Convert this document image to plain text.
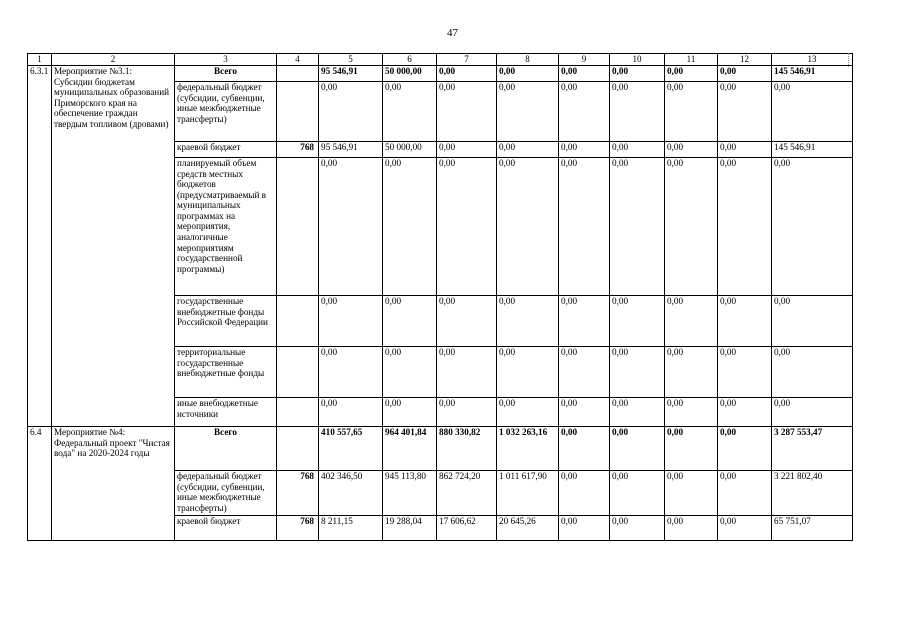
47
1	2	3	4	5	6	7	8	9	10	11	12	13
6.3.1	Мероприятие №3.1: Субсидии бюджетам муниципальных образований Приморского края на обеспечение граждан твердым топливом (дровами)	Всего		95 546,91	50 000,00	0,00	0,00	0,00	0,00	0,00	0,00	145 546,91
		федеральный бюджет (субсидии, субвенции, иные межбюджетные трансферты)		0,00	0,00	0,00	0,00	0,00	0,00	0,00	0,00	0,00
		краевой бюджет	768	95 546,91	50 000,00	0,00	0,00	0,00	0,00	0,00	0,00	145 546,91
		планируемый объем средств местных бюджетов (предусматриваемый в муниципальных программах на мероприятия, аналогичные мероприятиям государственной программы)		0,00	0,00	0,00	0,00	0,00	0,00	0,00	0,00	0,00
		государственные внебюджетные фонды Российской Федерации		0,00	0,00	0,00	0,00	0,00	0,00	0,00	0,00	0,00
		территориальные государственные внебюджетные фонды		0,00	0,00	0,00	0,00	0,00	0,00	0,00	0,00	0,00
		иные внебюджетные источники		0,00	0,00	0,00	0,00	0,00	0,00	0,00	0,00	0,00
6.4	Мероприятие №4: Федеральный проект "Чистая вода" на 2020-2024 годы	Всего		410 557,65	964 401,84	880 330,82	1 032 263,16	0,00	0,00	0,00	0,00	3 287 553,47
		федеральный бюджет (субсидии, субвенции, иные межбюджетные трансферты)	768	402 346,50	945 113,80	862 724,20	1 011 617,90	0,00	0,00	0,00	0,00	3 221 802,40
		краевой бюджет	768	8 211,15	19 288,04	17 606,62	20 645,26	0,00	0,00	0,00	0,00	65 751,07
